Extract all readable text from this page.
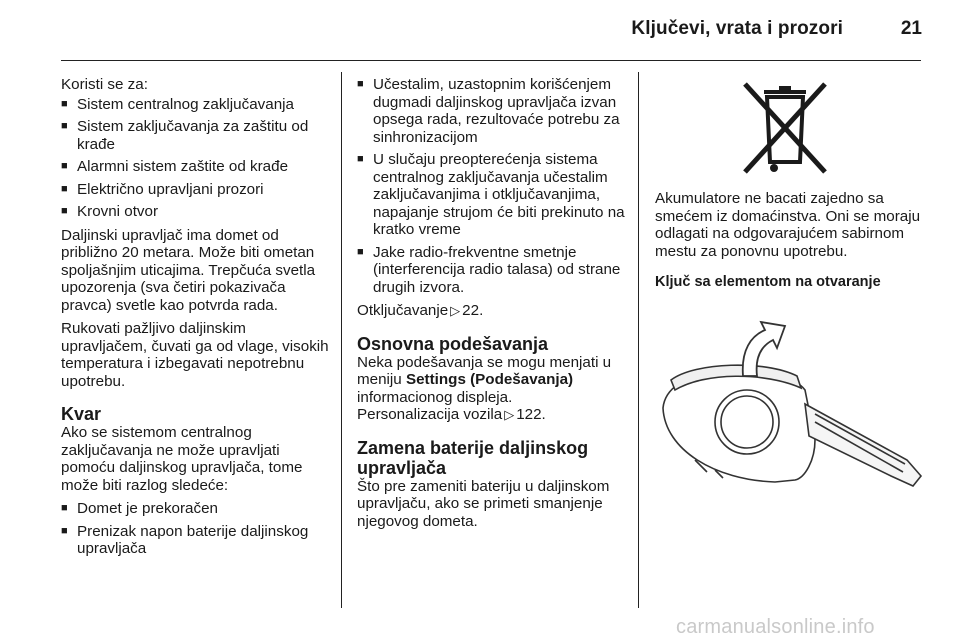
Ključevi, vrata i prozori	21

Koristi se za:

■ Sistem centralnog zaključavanja
■ Sistem zaključavanja za zaštitu od krađe
■ Alarmni sistem zaštite od krađe
■ Električno upravljani prozori
■ Krovni otvor

Daljinski upravljač ima domet od približno 20 metara. Može biti ometan spoljašnjim uticajima. Trepčuća svetla upozorenja (sva četiri pokazivača pravca) svetle kao potvrda rada.

Rukovati pažljivo daljinskim upravljačem, čuvati ga od vlage, visokih temperatura i izbegavati nepotrebnu upotrebu.

Kvar

Ako se sistemom centralnog zaključavanja ne može upravljati pomoću daljinskog upravljača, tome može biti razlog sledeće:

■ Domet je prekoračen
■ Prenizak napon baterije daljinskog upravljača
■ Učestalim, uzastopnim korišćenjem dugmadi daljinskog upravljača izvan opsega rada, rezultovaće potrebu za sinhronizacijom
■ U slučaju preopterećenja sistema centralnog zaključavanja učestalim zaključavanjima i otključavanjima, napajanje strujom će biti prekinuto na kratko vreme
■ Jake radio-frekventne smetnje (interferencija radio talasa) od strane drugih izvora.

Otključavanje ▷ 22.

Osnovna podešavanja

Neka podešavanja se mogu menjati u meniju Settings (Podešavanja) informacionog displeja.
Personalizacija vozila ▷ 122.

Zamena baterije daljinskog upravljača

Što pre zameniti bateriju u daljinskom upravljaču, ako se primeti smanjenje njegovog dometa.

Akumulatore ne bacati zajedno sa smećem iz domaćinstva. Oni se moraju odlagati na odgovarajućem sabirnom mestu za ponovnu upotrebu.

Ključ sa elementom na otvaranje
carmanualsonline.info
